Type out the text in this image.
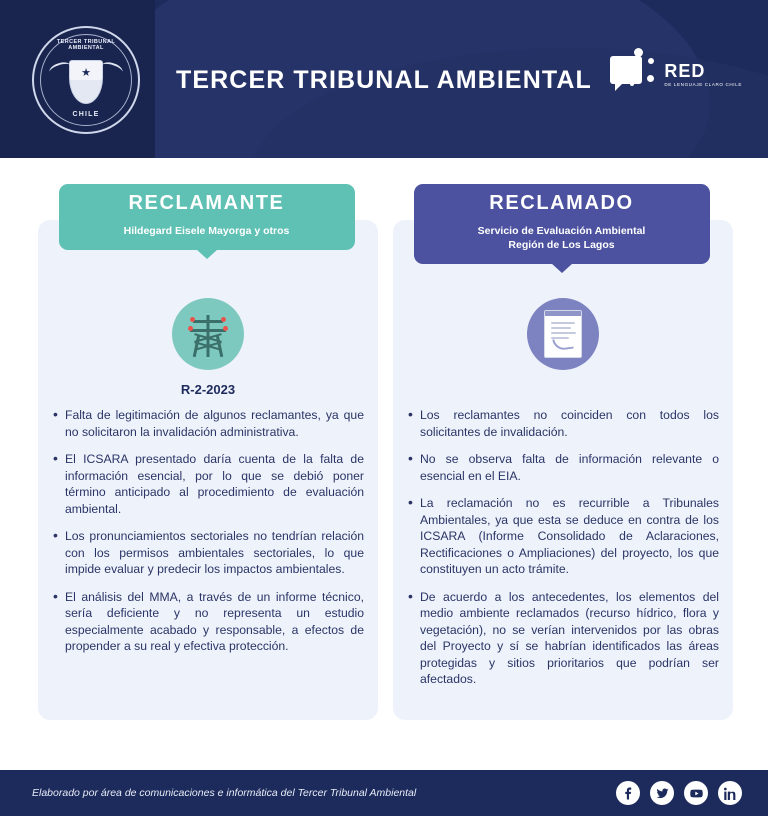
TERCER TRIBUNAL AMBIENTAL
★
CHILE
TERCER TRIBUNAL AMBIENTAL	RED
DE LENGUAJE CLARO CHILE
R-2-2023
• Falta de legitimación de algunos reclamantes, ya que no solicitaron la invalidación administrativa.
• El ICSARA presentado daría cuenta de la falta de información esencial, por lo que se debió poner término anticipado al procedimiento de evaluación ambiental.
• Los pronunciamientos sectoriales no tendrían relación con los permisos ambientales sectoriales, lo que impide evaluar y predecir los impactos ambientales.
• El análisis del MMA, a través de un informe técnico, sería deficiente y no representa un estudio especialmente acabado y responsable, a efectos de propender a su real y efectiva protección.
RECLAMANTE
Hildegard Eisele Mayorga y otros
• Los reclamantes no coinciden con todos los solicitantes de invalidación.
• No se observa falta de información relevante o esencial en el EIA.
• La reclamación no es recurrible a Tribunales Ambientales, ya que esta se deduce en contra de los ICSARA (Informe Consolidado de Aclaraciones, Rectificaciones o Ampliaciones) del proyecto, los que constituyen un acto trámite.
• De acuerdo a los antecedentes, los elementos del medio ambiente reclamados (recurso hídrico, flora y vegetación), no se verían intervenidos por las obras del Proyecto y sí se habrían identificados las áreas protegidas y sitios prioritarios que podrían ser afectados.
RECLAMADO
Servicio de Evaluación Ambiental
Región de Los Lagos
Elaborado por área de comunicaciones e informática del Tercer Tribunal Ambiental
